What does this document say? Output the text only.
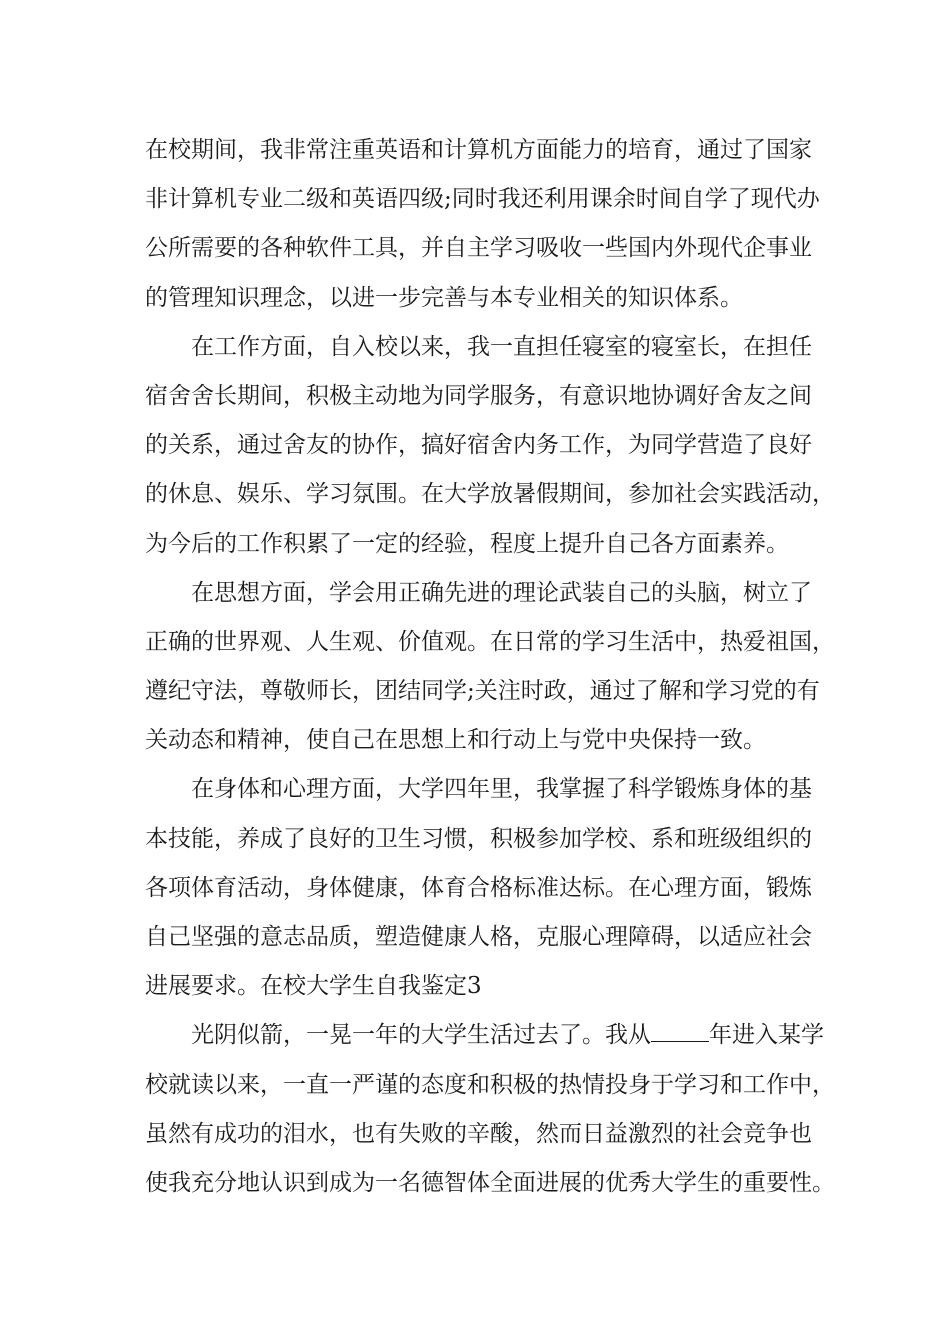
在校期间，我非常注重英语和计算机方面能力的培育，通过了国家
非计算机专业二级和英语四级;同时我还利用课余时间自学了现代办
公所需要的各种软件工具，并自主学习吸收一些国内外现代企事业
的管理知识理念，以进一步完善与本专业相关的知识体系。
在工作方面，自入校以来，我一直担任寝室的寝室长，在担任
宿舍舍长期间，积极主动地为同学服务，有意识地协调好舍友之间
的关系，通过舍友的协作，搞好宿舍内务工作，为同学营造了良好
的休息、娱乐、学习氛围。在大学放暑假期间，参加社会实践活动，
为今后的工作积累了一定的经验，程度上提升自己各方面素养。
在思想方面，学会用正确先进的理论武装自己的头脑，树立了
正确的世界观、人生观、价值观。在日常的学习生活中，热爱祖国，
遵纪守法，尊敬师长，团结同学;关注时政，通过了解和学习党的有
关动态和精神，使自己在思想上和行动上与党中央保持一致。
在身体和心理方面，大学四年里，我掌握了科学锻炼身体的基
本技能，养成了良好的卫生习惯，积极参加学校、系和班级组织的
各项体育活动，身体健康，体育合格标准达标。在心理方面，锻炼
自己坚强的意志品质，塑造健康人格，克服心理障碍，以适应社会
进展要求。在校大学生自我鉴定3
光阴似箭，一晃一年的大学生活过去了。我从	年进入某学
校就读以来，一直一严谨的态度和积极的热情投身于学习和工作中，
虽然有成功的泪水，也有失败的辛酸，然而日益激烈的社会竞争也
使我充分地认识到成为一名德智体全面进展的优秀大学生的重要性。
